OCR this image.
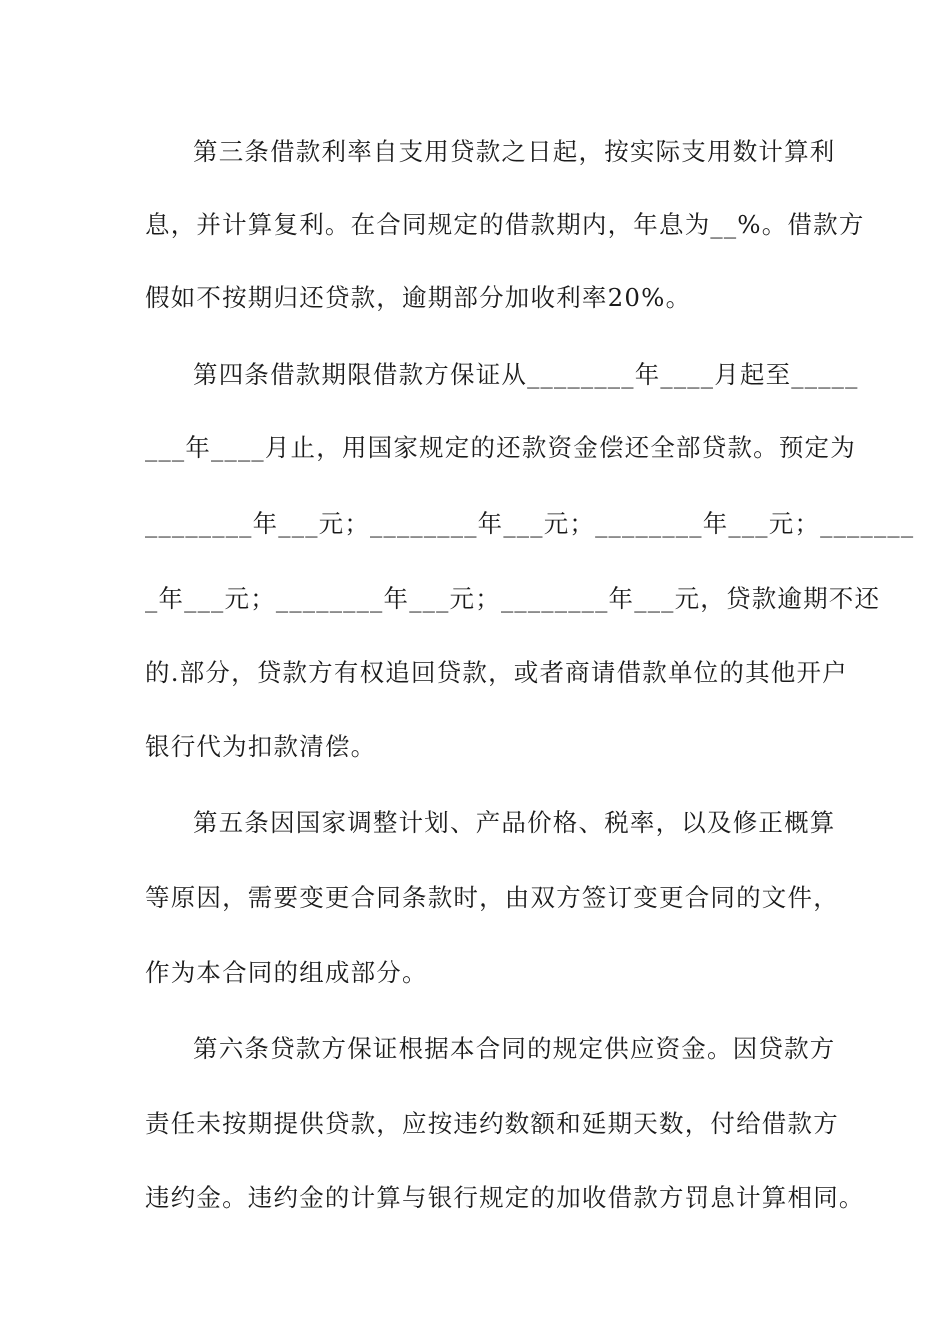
第三条借款利率自支用贷款之日起，按实际支用数计算利
息，并计算复利。在合同规定的借款期内，年息为__%。借款方
假如不按期归还贷款，逾期部分加收利率20%。
第四条借款期限借款方保证从________年____月起至_____
___年____月止，用国家规定的还款资金偿还全部贷款。预定为
________年___元；________年___元；________年___元；_______
_年___元；________年___元；________年___元，贷款逾期不还
的.部分，贷款方有权追回贷款，或者商请借款单位的其他开户
银行代为扣款清偿。
第五条因国家调整计划、产品价格、税率，以及修正概算
等原因，需要变更合同条款时，由双方签订变更合同的文件，
作为本合同的组成部分。
第六条贷款方保证根据本合同的规定供应资金。因贷款方
责任未按期提供贷款，应按违约数额和延期天数，付给借款方
违约金。违约金的计算与银行规定的加收借款方罚息计算相同。
